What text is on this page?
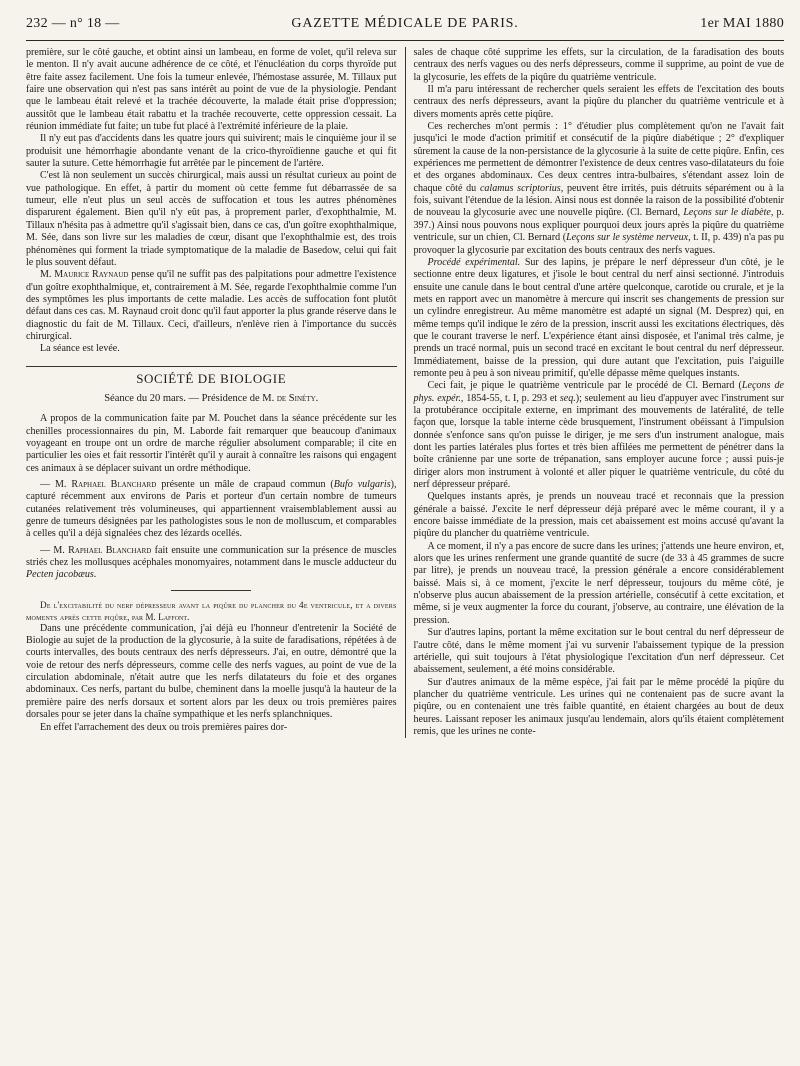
232 — n° 18 —	GAZETTE MÉDICALE DE PARIS.	1er MAI 1880

première, sur le côté gauche, et obtint ainsi un lambeau, en forme de volet, qu'il releva sur le menton. Il n'y avait aucune adhérence de ce côté, et l'énucléation du corps thyroïde put être faite assez facilement. Une fois la tumeur enlevée, l'hémostase assurée, M. Tillaux put faire une observation qui n'est pas sans intérêt au point de vue de la physiologie. Pendant que le lambeau était relevé et la trachée découverte, la malade était prise d'oppression; aussitôt que le lambeau était rabattu et la trachée recouverte, cette oppression cessait. La réunion immédiate fut faite; un tube fut placé à l'extrémité inférieure de la plaie.

Il n'y eut pas d'accidents dans les quatre jours qui suivirent; mais le cinquième jour il se produisit une hémorrhagie abondante venant de la crico-thyroïdienne gauche et qui fit sauter la suture. Cette hémorrhagie fut arrêtée par le pincement de l'artère.

C'est là non seulement un succès chirurgical, mais aussi un résultat curieux au point de vue pathologique. En effet, à partir du moment où cette femme fut débarrassée de sa tumeur, elle n'eut plus un seul accès de suffocation et tous les autres phénomènes disparurent également. Bien qu'il n'y eût pas, à proprement parler, d'exophthalmie, M. Tillaux n'hésita pas à admettre qu'il s'agissait bien, dans ce cas, d'un goître exophthalmique, M. Sée, dans son livre sur les maladies de cœur, disant que l'exophthalmie est, des trois phénomènes qui forment la triade symptomatique de la maladie de Basedow, celui qui fait le plus souvent défaut.

M. Maurice Raynaud pense qu'il ne suffit pas des palpitations pour admettre l'existence d'un goître exophthalmique, et, contrairement à M. Sée, regarde l'exophthalmie comme l'un des symptômes les plus importants de cette maladie. Les accès de suffocation font plutôt défaut dans ces cas. M. Raynaud croit donc qu'il faut apporter la plus grande réserve dans le diagnostic du fait de M. Tillaux. Ceci, d'ailleurs, n'enlève rien à l'importance du succès chirurgical.

La séance est levée.

SOCIÉTÉ DE BIOLOGIE
Séance du 20 mars. — Présidence de M. de Sinéty.

A propos de la communication faite par M. Pouchet dans la séance précédente sur les chenilles processionnaires du pin, M. Laborde fait remarquer que beaucoup d'animaux voyageant en troupe ont un ordre de marche régulier absolument comparable; il cite en particulier les oies et fait ressortir l'intérêt qu'il y aurait à connaître les raisons qui engagent ces animaux à se déplacer suivant un ordre méthodique.

— M. Raphael Blanchard présente un mâle de crapaud commun (Bufo vulgaris), capturé récemment aux environs de Paris et porteur d'un certain nombre de tumeurs cutanées relativement très volumineuses, qui appartiennent vraisemblablement aussi au genre de tumeurs désignées par les pathologistes sous le non de molluscum, et comparables à celles qu'il a déjà signalées chez des lézards ocellés.

— M. Raphael Blanchard fait ensuite une communication sur la présence de muscles striés chez les mollusques acéphales monomyaires, notamment dans le muscle adducteur du Pecten jacobæus.

De l'excitabilité du nerf dépresseur avant la piqûre du plancher du 4e ventricule, et a divers moments après cette piqûre, par M. Laffont.

Dans une précédente communication, j'ai déjà eu l'honneur d'entretenir la Société de Biologie au sujet de la production de la glycosurie, à la suite de faradisations, répétées à de courts intervalles, des bouts centraux des nerfs dépresseurs. J'ai, en outre, démontré que la voie de retour des nerfs dépresseurs, comme celle des nerfs vagues, au point de vue de la circulation abdominale, n'était autre que les nerfs dilatateurs du foie et des organes abdominaux. Ces nerfs, partant du bulbe, cheminent dans la moelle jusqu'à la hauteur de la première paire des nerfs dorsaux et sortent alors par les deux ou trois premières paires dorsales pour se jeter dans la chaîne sympathique et les nerfs splanchniques.

En effet l'arrachement des deux ou trois premières paires dor-

sales de chaque côté supprime les effets, sur la circulation, de la faradisation des bouts centraux des nerfs vagues ou des nerfs dépresseurs, comme il supprime, au point de vue de la glycosurie, les effets de la piqûre du quatrième ventricule.

Il m'a paru intéressant de rechercher quels seraient les effets de l'excitation des bouts centraux des nerfs dépresseurs, avant la piqûre du plancher du quatrième ventricule et à divers moments après cette piqûre.

Ces recherches m'ont permis : 1° d'étudier plus complètement qu'on ne l'avait fait jusqu'ici le mode d'action primitif et consécutif de la piqûre diabétique ; 2° d'expliquer sûrement la cause de la non-persistance de la glycosurie à la suite de cette piqûre. Enfin, ces expériences me permettent de démontrer l'existence de deux centres vaso-dilatateurs du foie et des organes abdominaux. Ces deux centres intra-bulbaires, s'étendant assez loin de chaque côté du calamus scriptorius, peuvent être irrités, puis détruits séparément ou à la fois, suivant l'étendue de la lésion. Ainsi nous est donnée la raison de la possibilité d'obtenir de nouveau la glycosurie avec une nouvelle piqûre. (Cl. Bernard, Leçons sur le diabète, p. 397.) Ainsi nous pouvons nous expliquer pourquoi deux jours après la piqûre du quatrième ventricule, sur un chien, Cl. Bernard (Leçons sur le système nerveux, t. II, p. 439) n'a pas pu provoquer la glycosurie par excitation des bouts centraux des nerfs vagues.

Procédé expérimental. Sur des lapins, je prépare le nerf dépresseur d'un côté, je le sectionne entre deux ligatures, et j'isole le bout central du nerf ainsi sectionné. J'introduis ensuite une canule dans le bout central d'une artère quelconque, carotide ou crurale, et je la mets en rapport avec un manomètre à mercure qui inscrit ses changements de pression sur un cylindre enregistreur. Au même manomètre est adapté un signal (M. Desprez) qui, en même temps qu'il indique le zéro de la pression, inscrit aussi les excitations électriques, dès que le courant traverse le nerf. L'expérience étant ainsi disposée, et l'animal très calme, je prends un tracé normal, puis un second tracé en excitant le bout central du nerf dépresseur. Immédiatement, baisse de la pression, qui dure autant que l'excitation, puis l'aiguille remonte peu à peu à son niveau primitif, qu'elle dépasse même quelques instants.

Ceci fait, je pique le quatrième ventricule par le procédé de Cl. Bernard (Leçons de phys. expér., 1854-55, t. I, p. 293 et seq.); seulement au lieu d'appuyer avec l'instrument sur la protubérance occipitale externe, en imprimant des mouvements de latéralité, de telle façon que, lorsque la table interne cède brusquement, l'instrument obéissant à l'impulsion donnée s'enfonce sans qu'on puisse le diriger, je me sers d'un instrument analogue, mais dont les parties latérales plus fortes et très bien affilées me permettent de pénétrer dans la boîte crânienne par une sorte de trépanation, sans employer aucune force ; aussi puis-je diriger alors mon instrument à volonté et aller piquer le quatrième ventricule, du côté du nerf dépresseur préparé.

Quelques instants après, je prends un nouveau tracé et reconnais que la pression générale a baissé. J'excite le nerf dépresseur déjà préparé avec le même courant, il y a encore baisse immédiate de la pression, mais cet abaissement est moins accusé qu'avant la piqûre du plancher du quatrième ventricule.

A ce moment, il n'y a pas encore de sucre dans les urines; j'attends une heure environ, et, alors que les urines renferment une grande quantité de sucre (de 33 à 45 grammes de sucre par litre), je prends un nouveau tracé, la pression générale a encore considérablement baissé. Mais si, à ce moment, j'excite le nerf dépresseur, toujours du même côté, je n'observe plus aucun abaissement de la pression artérielle, consécutif à cette excitation, et même, si je veux augmenter la force du courant, j'observe, au contraire, une élévation de la pression.

Sur d'autres lapins, portant la même excitation sur le bout central du nerf dépresseur de l'autre côté, dans le même moment j'ai vu survenir l'abaissement typique de la pression artérielle, qui suit toujours à l'état physiologique l'excitation d'un nerf dépresseur. Cet abaissement, seulement, a été moins considérable.

Sur d'autres animaux de la même espèce, j'ai fait par le même procédé la piqûre du plancher du quatrième ventricule. Les urines qui ne contenaient pas de sucre avant la piqûre, ou en contenaient une très faible quantité, en étaient chargées au bout de deux heures. Laissant reposer les animaux jusqu'au lendemain, alors qu'ils étaient complètement remis, que les urines ne conte-
